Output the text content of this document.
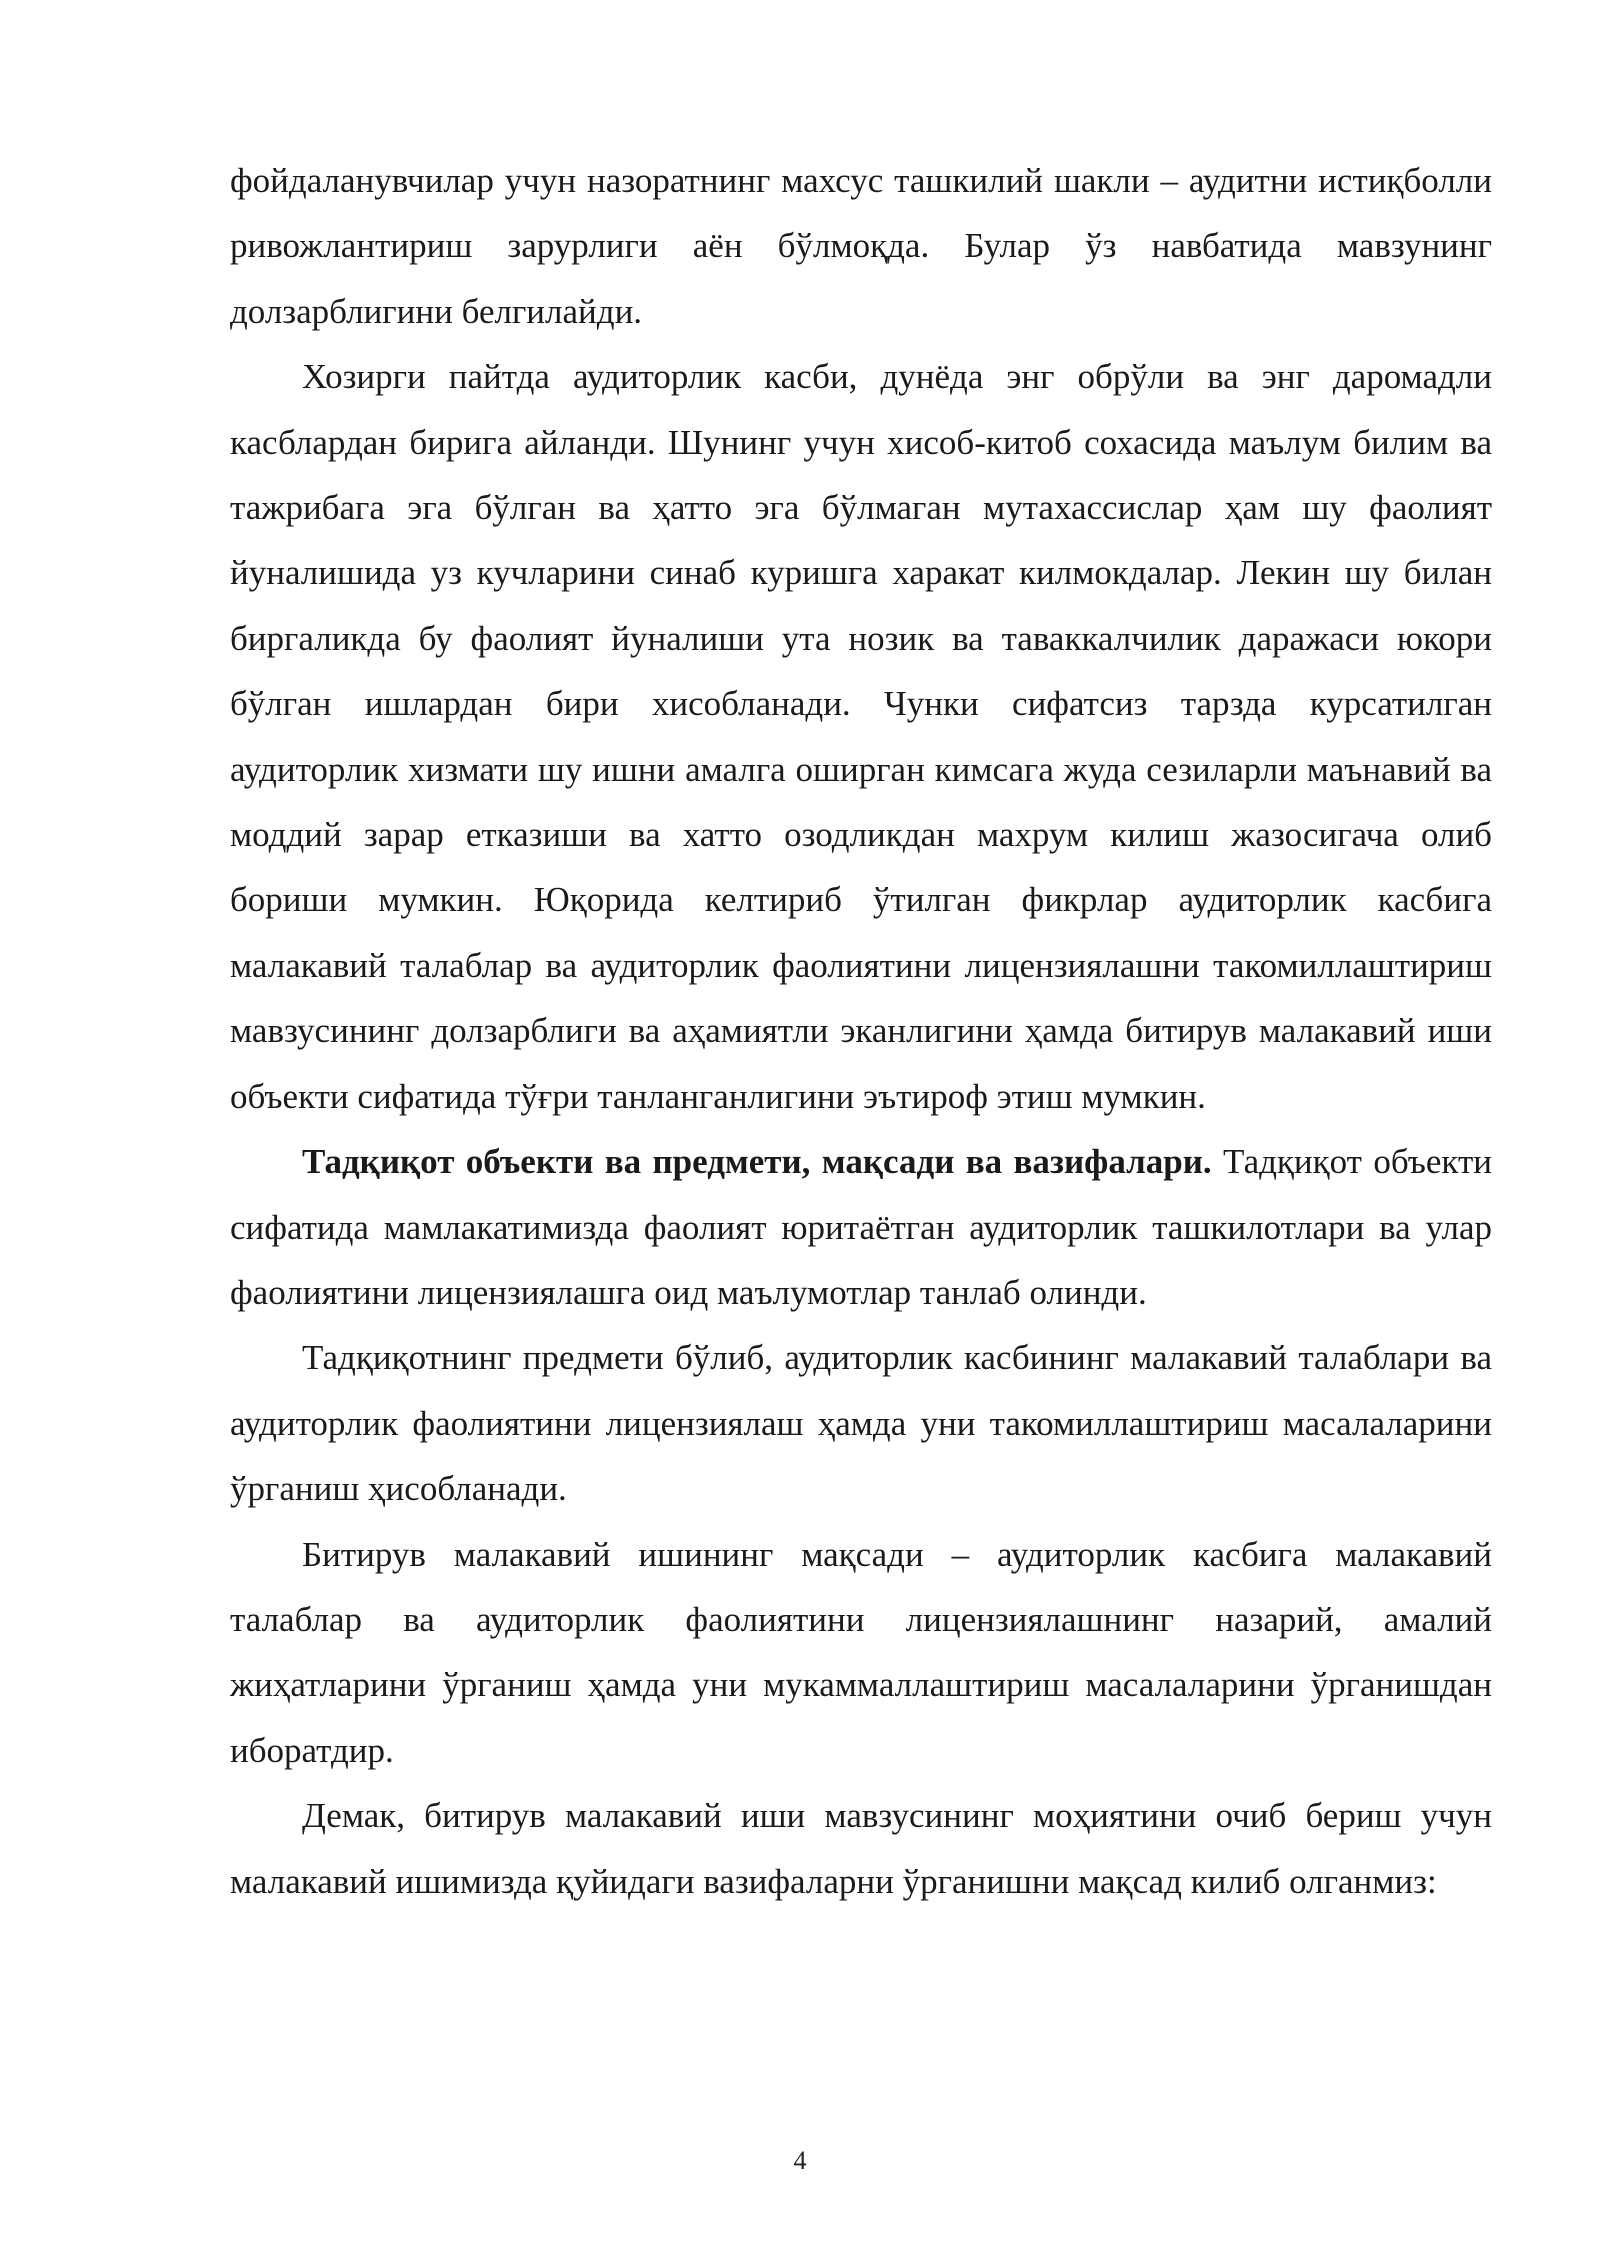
фойдаланувчилар учун назоратнинг махсус ташкилий шакли – аудитни истиқболли ривожлантириш зарурлиги аён бўлмоқда. Булар ўз навбатида мавзунинг долзарблигини белгилайди.

Хозирги пайтда аудиторлик касби, дунёда энг обрўли ва энг даромадли касблардан бирига айланди. Шунинг учун хисоб-китоб сохасида маълум билим ва тажрибага эга бўлган ва ҳатто эга бўлмаган мутахассислар ҳам шу фаолият йуналишида уз кучларини синаб куришга харакат килмокдалар. Лекин шу билан биргаликда бу фаолият йуналиши ута нозик ва таваккалчилик даражаси юкори бўлган ишлардан бири хисобланади. Чунки сифатсиз тарзда курсатилган аудиторлик хизмати шу ишни амалга оширган кимсага жуда сезиларли маънавий ва моддий зарар етказиши ва хатто озодликдан махрум килиш жазосигача олиб бориши мумкин. Юқорида келтириб ўтилган фикрлар аудиторлик касбига малакавий талаблар ва аудиторлик фаолиятини лицензиялашни такомиллаштириш мавзусининг долзарблиги ва аҳамиятли эканлигини ҳамда битирув малакавий иши объекти сифатида тўғри танланганлигини эътироф этиш мумкин.

Тадқиқот объекти ва предмети, мақсади ва вазифалари. Тадқиқот объекти сифатида мамлакатимизда фаолият юритаётган аудиторлик ташкилотлари ва улар фаолиятини лицензиялашга оид маълумотлар танлаб олинди.

Тадқиқотнинг предмети бўлиб, аудиторлик касбининг малакавий талаблари ва аудиторлик фаолиятини лицензиялаш ҳамда уни такомиллаштириш масалаларини ўрганиш ҳисобланади.

Битирув малакавий ишининг мақсади – аудиторлик касбига малакавий талаблар ва аудиторлик фаолиятини лицензиялашнинг назарий, амалий жиҳатларини ўрганиш ҳамда уни мукаммаллаштириш масалаларини ўрганишдан иборатдир.

Демак, битирув малакавий иши мавзусининг моҳиятини очиб бериш учун малакавий ишимизда қуйидаги вазифаларни ўрганишни мақсад килиб олганмиз:

4
